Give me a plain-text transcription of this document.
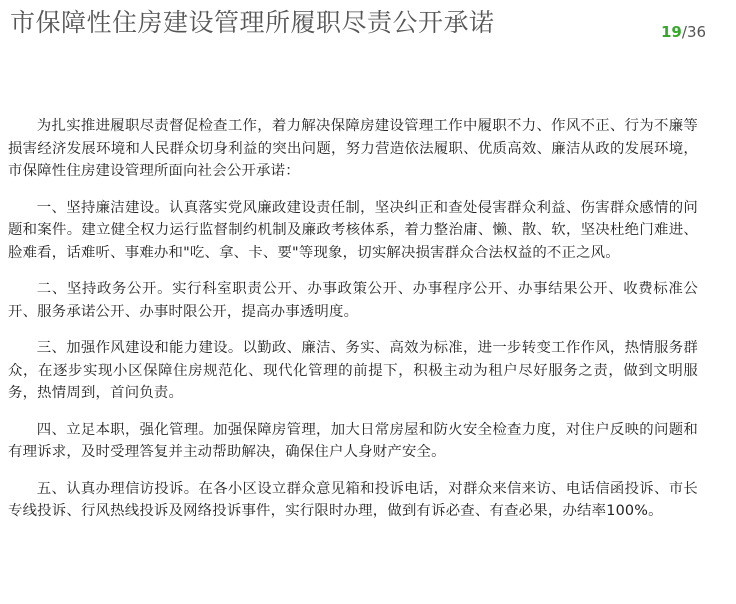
市保障性住房建设管理所履职尽责公开承诺	19/36

为扎实推进履职尽责督促检查工作，着力解决保障房建设管理工作中履职不力、作风不正、行为不廉等损害经济发展环境和人民群众切身利益的突出问题，努力营造依法履职、优质高效、廉洁从政的发展环境，市保障性住房建设管理所面向社会公开承诺：

一、坚持廉洁建设。认真落实党风廉政建设责任制，坚决纠正和查处侵害群众利益、伤害群众感情的问题和案件。建立健全权力运行监督制约机制及廉政考核体系，着力整治庸、懒、散、软，坚决杜绝门难进、脸难看，话难听、事难办和"吃、拿、卡、要"等现象，切实解决损害群众合法权益的不正之风。

二、坚持政务公开。实行科室职责公开、办事政策公开、办事程序公开、办事结果公开、收费标准公开、服务承诺公开、办事时限公开，提高办事透明度。

三、加强作风建设和能力建设。以勤政、廉洁、务实、高效为标准，进一步转变工作作风，热情服务群众，在逐步实现小区保障住房规范化、现代化管理的前提下，积极主动为租户尽好服务之责，做到文明服务，热情周到，首问负责。

四、立足本职，强化管理。加强保障房管理，加大日常房屋和防火安全检查力度，对住户反映的问题和有理诉求，及时受理答复并主动帮助解决，确保住户人身财产安全。

五、认真办理信访投诉。在各小区设立群众意见箱和投诉电话，对群众来信来访、电话信函投诉、市长专线投诉、行风热线投诉及网络投诉事件，实行限时办理，做到有诉必查、有查必果，办结率100%。
